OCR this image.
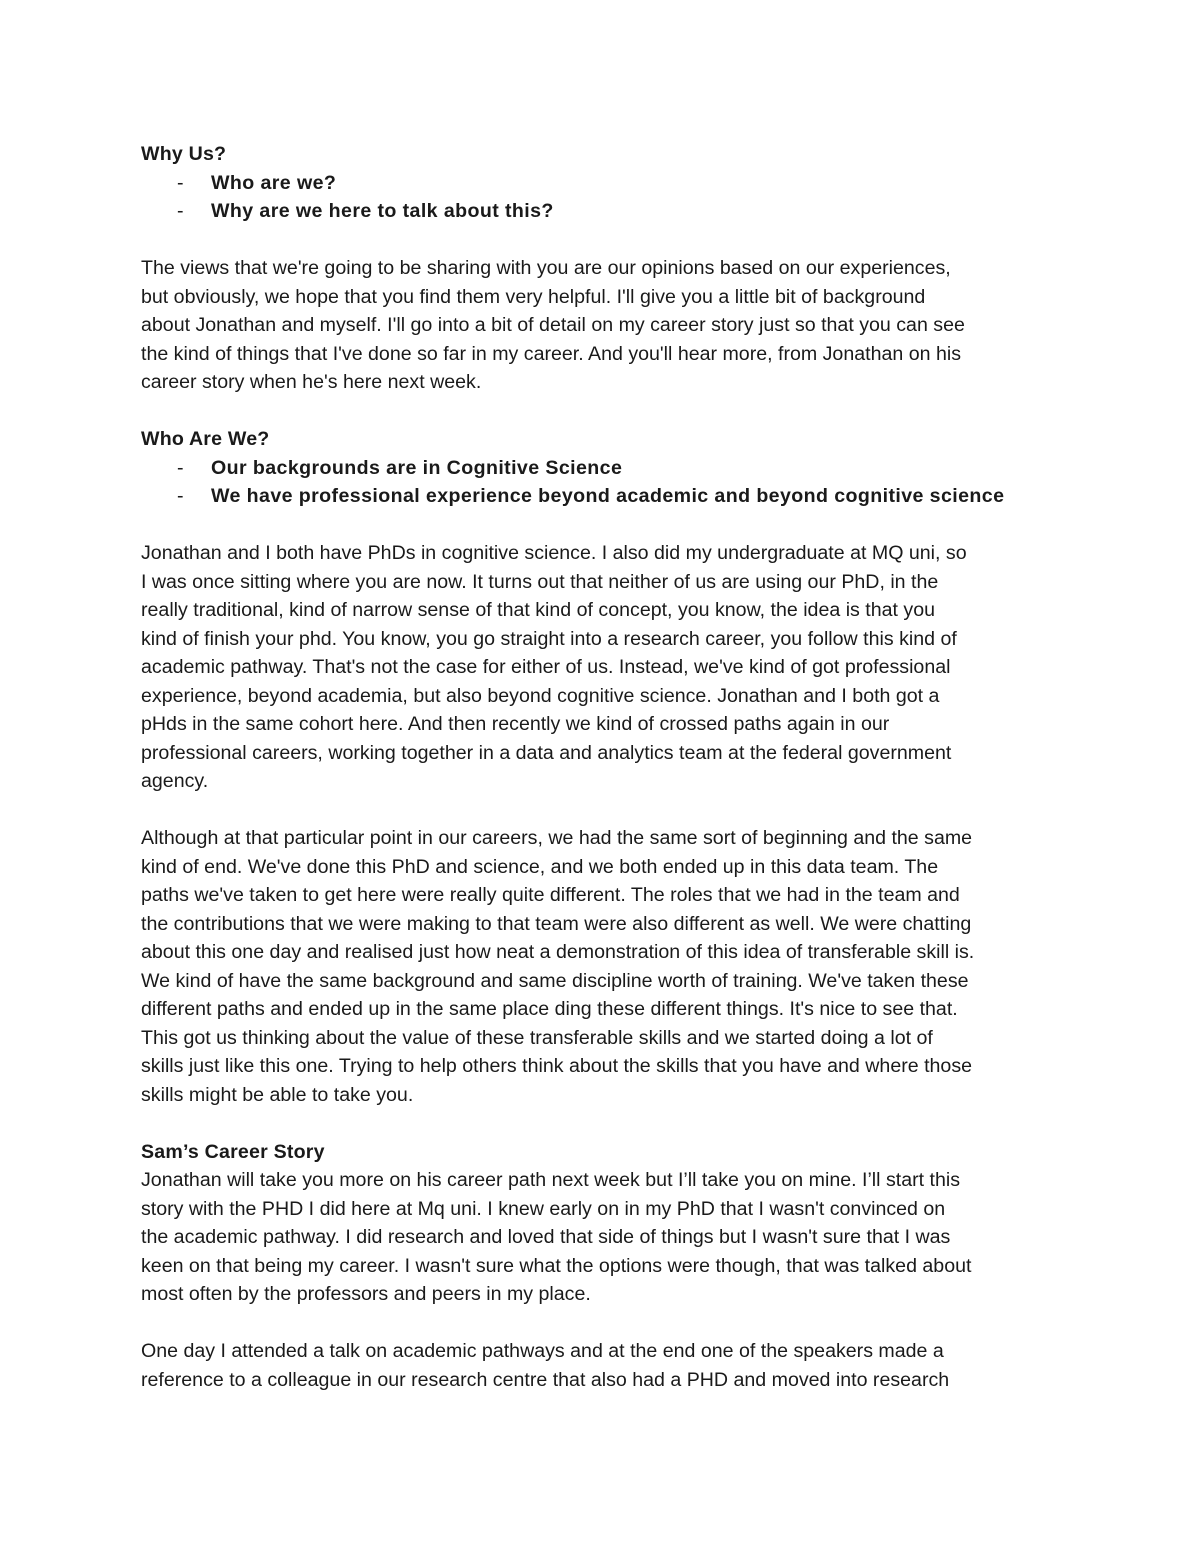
Why Us?

- Who are we?
- Why are we here to talk about this?

The views that we're going to be sharing with you are our opinions based on our experiences,
but obviously, we hope that you find them very helpful. I'll give you a little bit of background
about Jonathan and myself. I'll go into a bit of detail on my career story just so that you can see
the kind of things that I've done so far in my career. And you'll hear more, from Jonathan on his
career story when he's here next week.

Who Are We?

- Our backgrounds are in Cognitive Science
- We have professional experience beyond academic and beyond cognitive science

Jonathan and I both have PhDs in cognitive science. I also did my undergraduate at MQ uni, so
I was once sitting where you are now. It turns out that neither of us are using our PhD, in the
really traditional, kind of narrow sense of that kind of concept, you know, the idea is that you
kind of finish your phd. You know, you go straight into a research career, you follow this kind of
academic pathway. That's not the case for either of us. Instead, we've kind of got professional
experience, beyond academia, but also beyond cognitive science. Jonathan and I both got a
pHds in the same cohort here. And then recently we kind of crossed paths again in our
professional careers, working together in a data and analytics team at the federal government
agency.

Although at that particular point in our careers, we had the same sort of beginning and the same
kind of end. We've done this PhD and science, and we both ended up in this data team. The
paths we've taken to get here were really quite different. The roles that we had in the team and
the contributions that we were making to that team were also different as well. We were chatting
about this one day and realised just how neat a demonstration of this idea of transferable skill is.
We kind of have the same background and same discipline worth of training. We've taken these
different paths and ended up in the same place ding these different things. It's nice to see that.
This got us thinking about the value of these transferable skills and we started doing a lot of
skills just like this one. Trying to help others think about the skills that you have and where those
skills might be able to take you.

Sam’s Career Story

Jonathan will take you more on his career path next week but I’ll take you on mine. I’ll start this
story with the PHD I did here at Mq uni. I knew early on in my PhD that I wasn't convinced on
the academic pathway. I did research and loved that side of things but I wasn't sure that I was
keen on that being my career. I wasn't sure what the options were though, that was talked about
most often by the professors and peers in my place.

One day I attended a talk on academic pathways and at the end one of the speakers made a
reference to a colleague in our research centre that also had a PHD and moved into research
